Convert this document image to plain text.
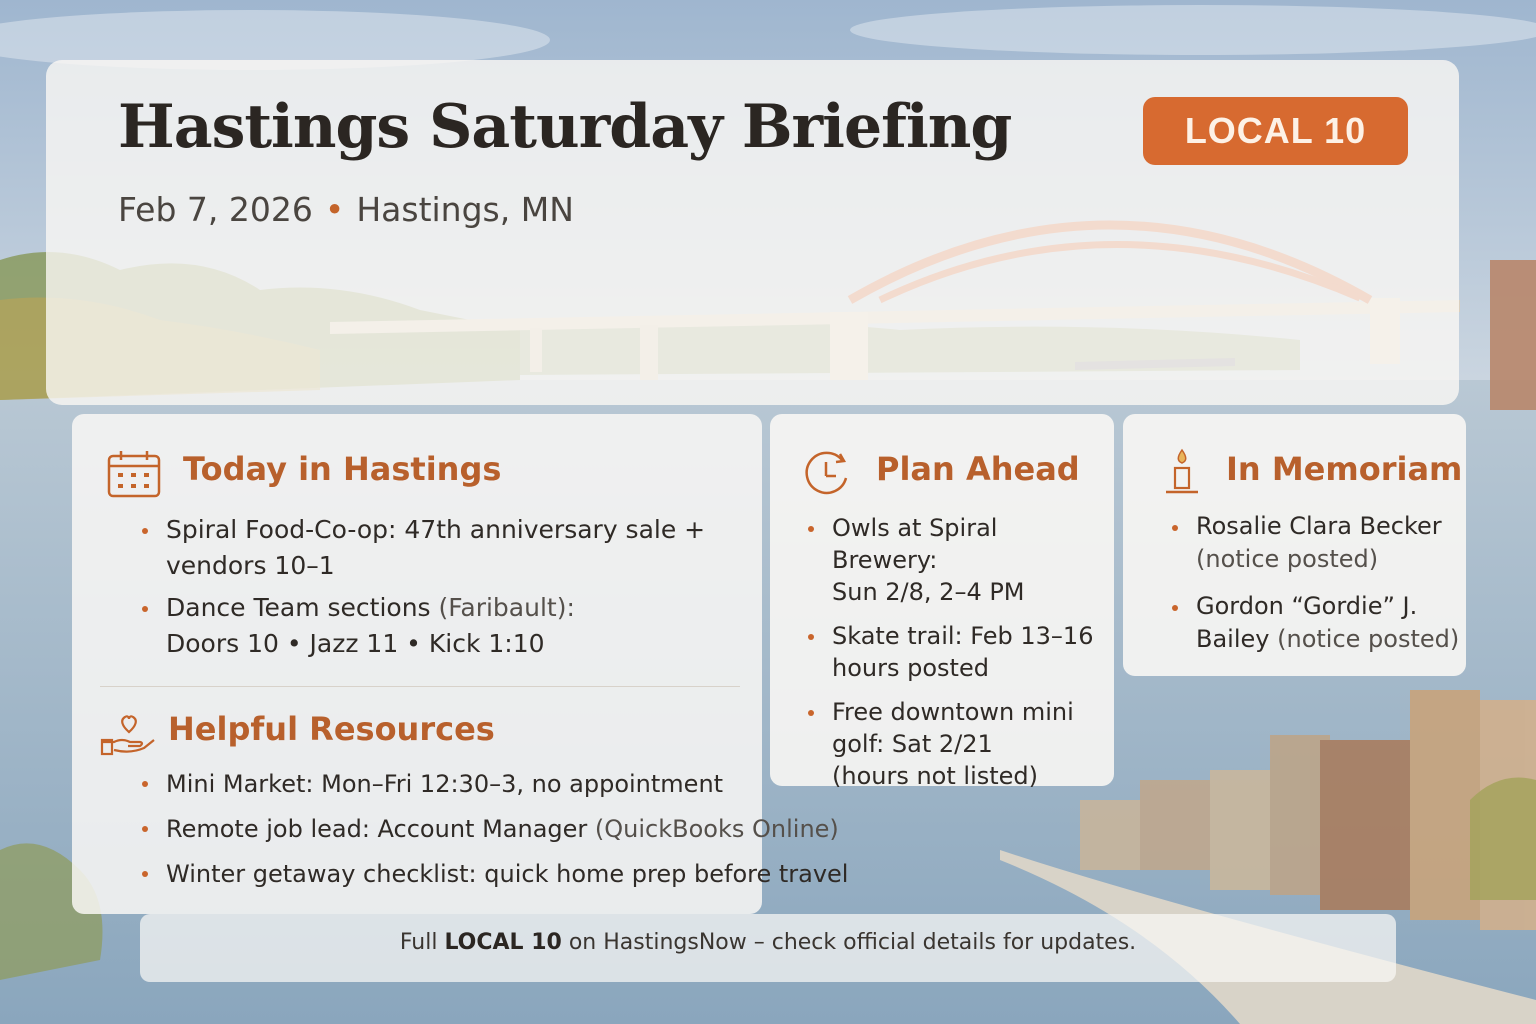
Hastings Saturday Briefing
Feb 7, 2026 • Hastings, MN
LOCAL 10
Today in Hastings
Spiral Food-Co-op: 47th anniversary sale + vendors 10–1
Dance Team sections (Faribault):
Doors 10 • Jazz 11 • Kick 1:10
Helpful Resources
Mini Market: Mon–Fri 12:30–3, no appointment
Remote job lead: Account Manager (QuickBooks Online)
Winter getaway checklist: quick home prep before travel
Plan Ahead
Owls at Spiral Brewery:
Sun 2/8, 2–4 PM
Skate trail: Feb 13–16
hours posted
Free downtown mini golf: Sat 2/21
(hours not listed)
In Memoriam
Rosalie Clara Becker
(notice posted)
Gordon “Gordie” J. Bailey (notice posted)
Full LOCAL 10 on HastingsNow – check official details for updates.
